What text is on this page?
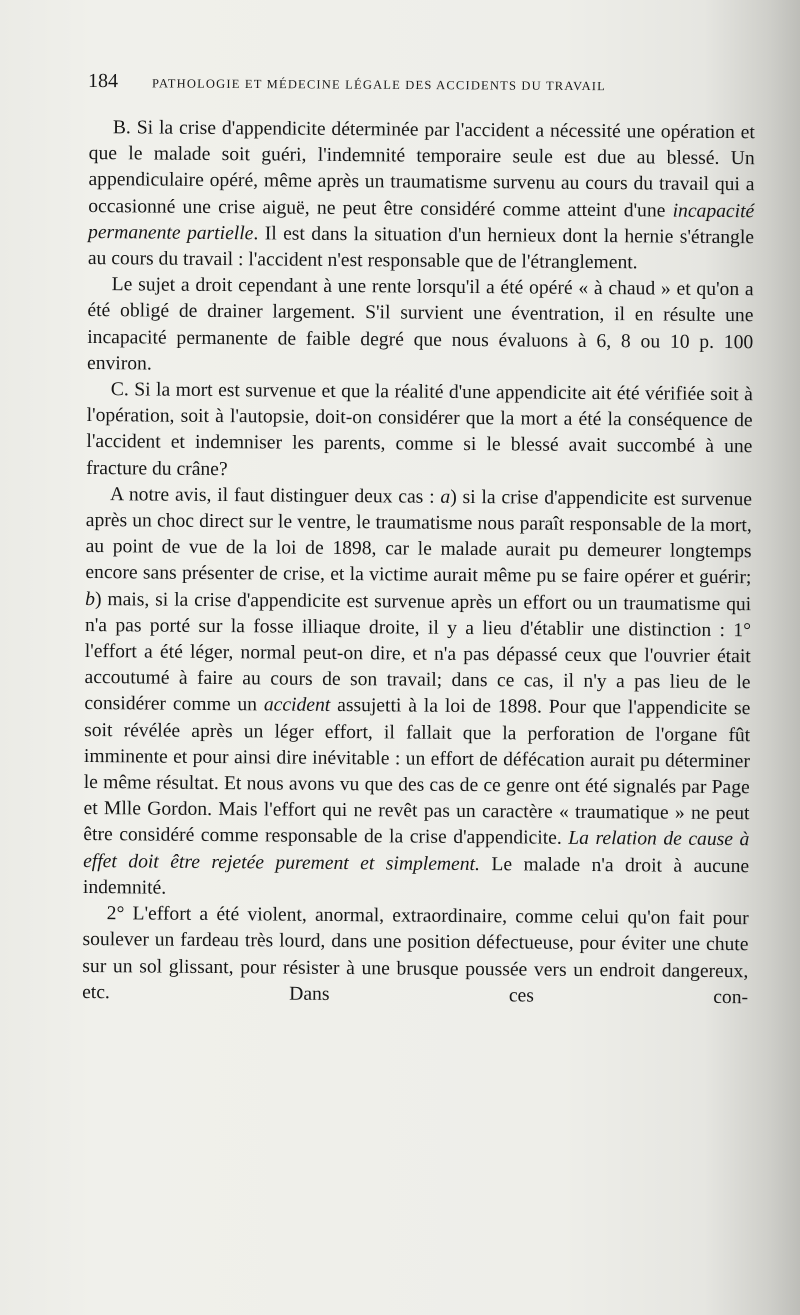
184	PATHOLOGIE ET MÉDECINE LÉGALE DES ACCIDENTS DU TRAVAIL

B. Si la crise d'appendicite déterminée par l'accident a nécessité une opération et que le malade soit guéri, l'indemnité temporaire seule est due au blessé. Un appendiculaire opéré, même après un traumatisme survenu au cours du travail qui a occasionné une crise aiguë, ne peut être considéré comme atteint d'une incapacité permanente partielle. Il est dans la situation d'un hernieux dont la hernie s'étrangle au cours du travail : l'accident n'est responsable que de l'étranglement.

Le sujet a droit cependant à une rente lorsqu'il a été opéré « à chaud » et qu'on a été obligé de drainer largement. S'il survient une éventration, il en résulte une incapacité permanente de faible degré que nous évaluons à 6, 8 ou 10 p. 100 environ.

C. Si la mort est survenue et que la réalité d'une appendicite ait été vérifiée soit à l'opération, soit à l'autopsie, doit-on considérer que la mort a été la conséquence de l'accident et indemniser les parents, comme si le blessé avait succombé à une fracture du crâne?

A notre avis, il faut distinguer deux cas : a) si la crise d'appendicite est survenue après un choc direct sur le ventre, le traumatisme nous paraît responsable de la mort, au point de vue de la loi de 1898, car le malade aurait pu demeurer longtemps encore sans présenter de crise, et la victime aurait même pu se faire opérer et guérir; b) mais, si la crise d'appendicite est survenue après un effort ou un traumatisme qui n'a pas porté sur la fosse illiaque droite, il y a lieu d'établir une distinction : 1° l'effort a été léger, normal peut-on dire, et n'a pas dépassé ceux que l'ouvrier était accoutumé à faire au cours de son travail; dans ce cas, il n'y a pas lieu de le considérer comme un accident assujetti à la loi de 1898. Pour que l'appendicite se soit révélée après un léger effort, il fallait que la perforation de l'organe fût imminente et pour ainsi dire inévitable : un effort de défécation aurait pu déterminer le même résultat. Et nous avons vu que des cas de ce genre ont été signalés par Page et Mlle Gordon. Mais l'effort qui ne revêt pas un caractère « traumatique » ne peut être considéré comme responsable de la crise d'appendicite. La relation de cause à effet doit être rejetée purement et simplement. Le malade n'a droit à aucune indemnité.

2° L'effort a été violent, anormal, extraordinaire, comme celui qu'on fait pour soulever un fardeau très lourd, dans une position défectueuse, pour éviter une chute sur un sol glissant, pour résister à une brusque poussée vers un endroit dangereux, etc. Dans ces con-
